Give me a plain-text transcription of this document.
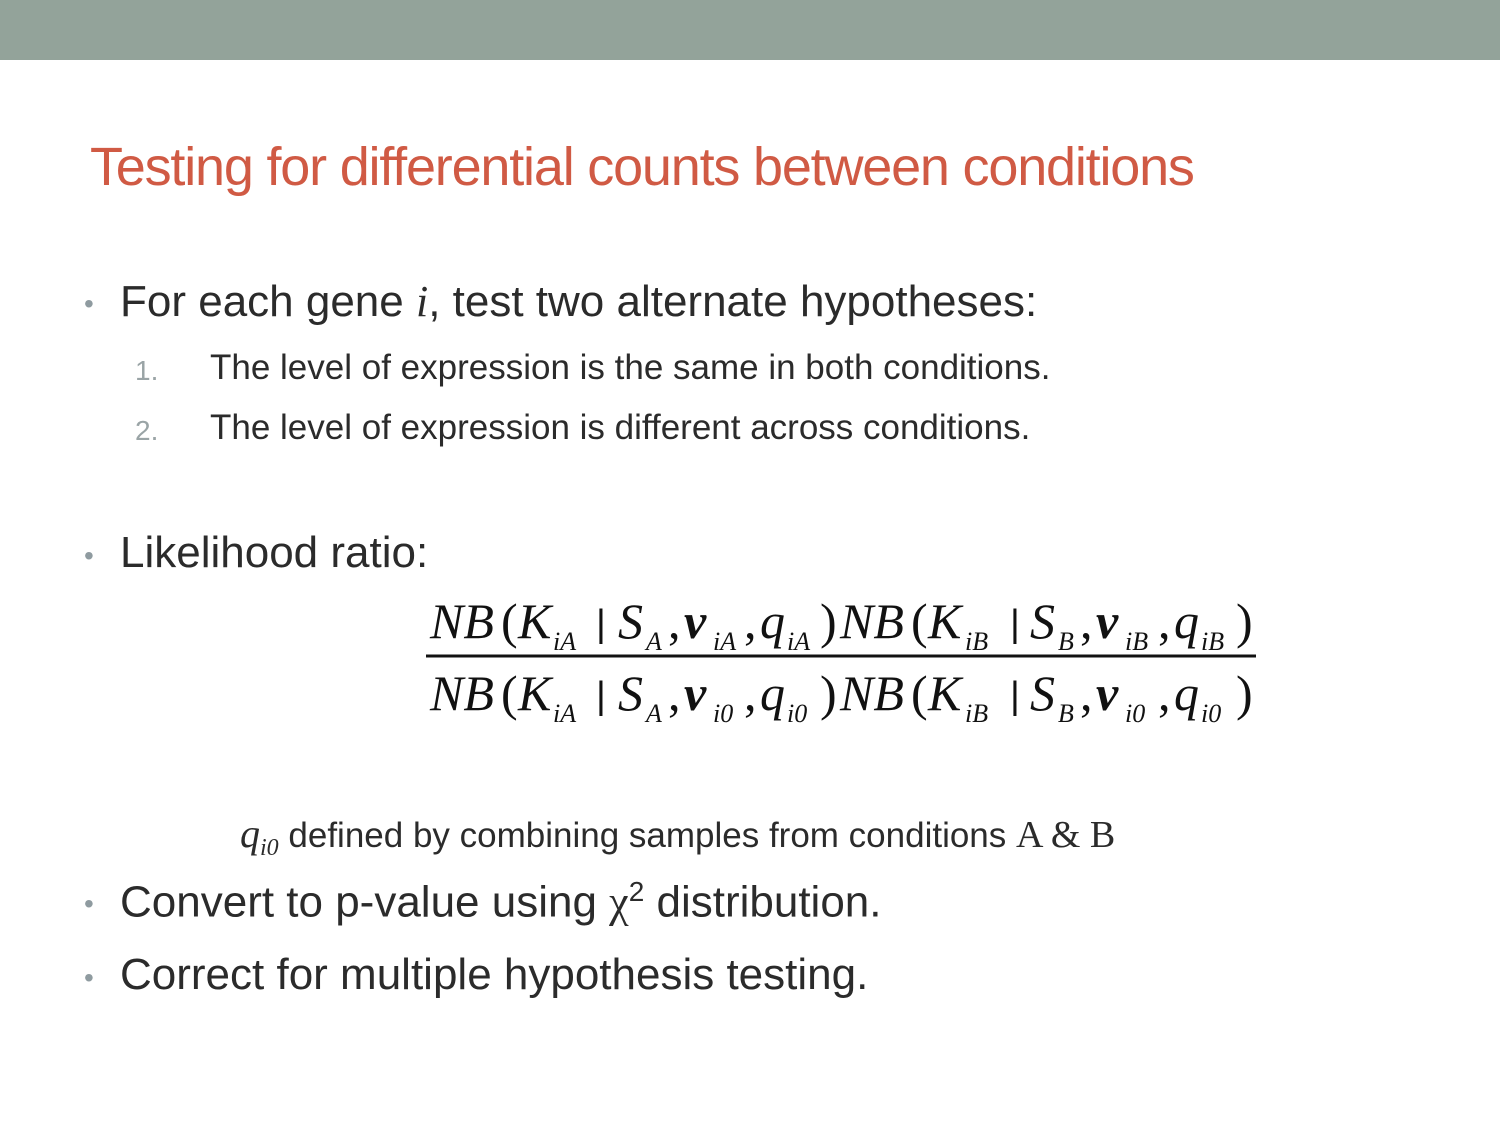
Testing for differential counts between conditions
• For each gene i, test two alternate hypotheses:
1. The level of expression is the same in both conditions.
2. The level of expression is different across conditions.
• Likelihood ratio:
NB ( K iA | S A , ν iA , q iA ) NB ( K iB | S B , ν iB , q iB )
NB ( K iA | S A , ν i0 , q i0 ) NB ( K iB | S B , ν i0 , q i0 )
$q_{i0}$ defined by combining samples from conditions A & B
• Convert to p-value using $\chi^2$ distribution.
• Correct for multiple hypothesis testing.
